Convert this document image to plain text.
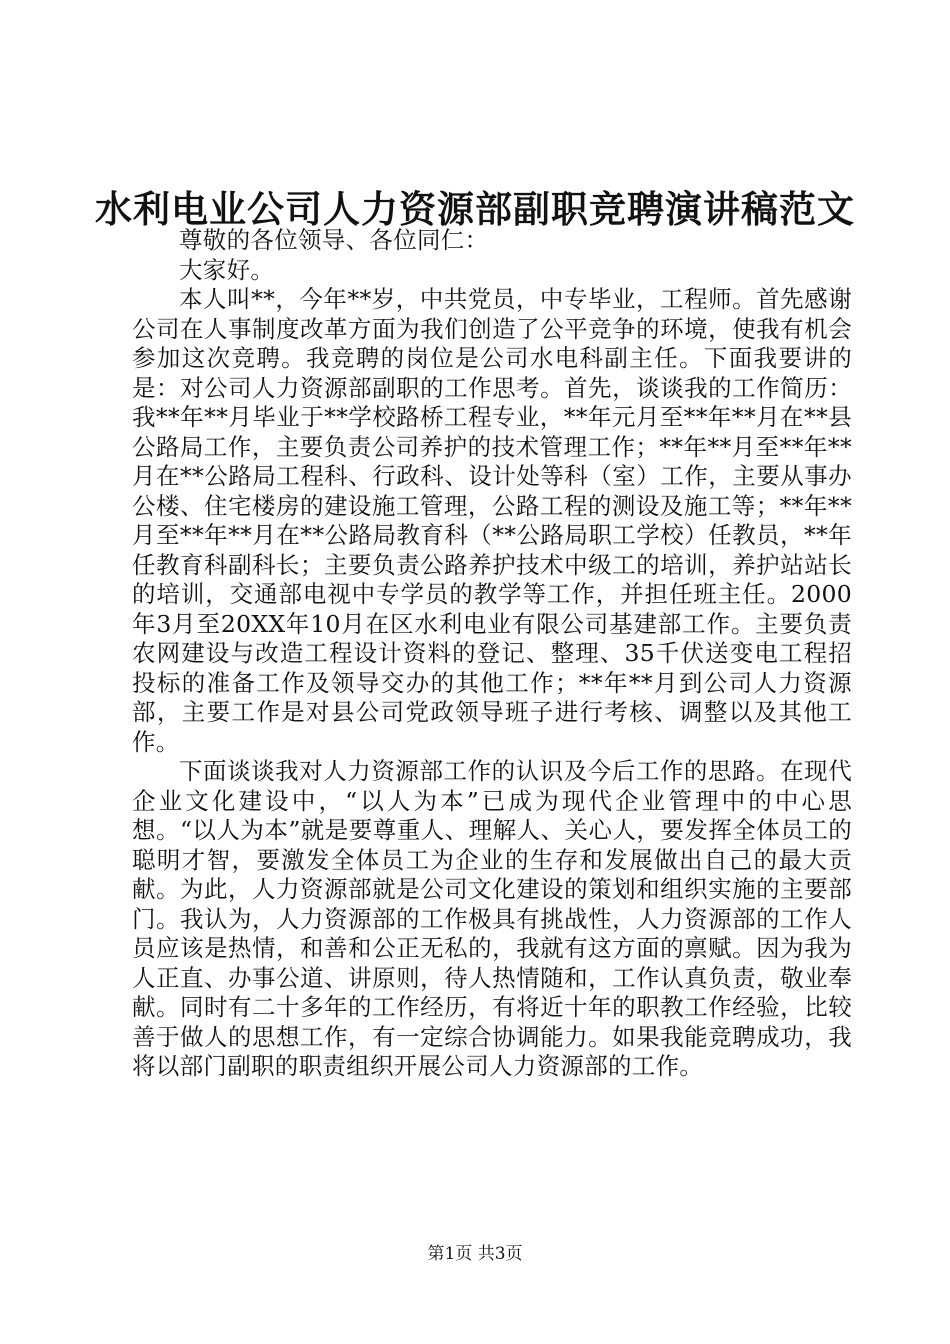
水利电业公司人力资源部副职竞聘演讲稿范文

尊敬的各位领导、各位同仁：

大家好。

本人叫**，今年**岁，中共党员，中专毕业，工程师。首先感谢公司在人事制度改革方面为我们创造了公平竞争的环境，使我有机会参加这次竞聘。我竞聘的岗位是公司水电科副主任。下面我要讲的是：对公司人力资源部副职的工作思考。首先，谈谈我的工作简历：我**年**月毕业于**学校路桥工程专业，**年元月至**年**月在**县公路局工作，主要负责公司养护的技术管理工作；**年**月至**年**月在**公路局工程科、行政科、设计处等科（室）工作，主要从事办公楼、住宅楼房的建设施工管理，公路工程的测设及施工等；**年**月至**年**月在**公路局教育科（**公路局职工学校）任教员，**年任教育科副科长；主要负责公路养护技术中级工的培训，养护站站长的培训，交通部电视中专学员的教学等工作，并担任班主任。2000年3月至20XX年10月在区水利电业有限公司基建部工作。主要负责农网建设与改造工程设计资料的登记、整理、35千伏送变电工程招投标的准备工作及领导交办的其他工作；**年**月到公司人力资源部，主要工作是对县公司党政领导班子进行考核、调整以及其他工作。

下面谈谈我对人力资源部工作的认识及今后工作的思路。在现代企业文化建设中，“以人为本”已成为现代企业管理中的中心思想。“以人为本”就是要尊重人、理解人、关心人，要发挥全体员工的聪明才智，要激发全体员工为企业的生存和发展做出自己的最大贡献。为此，人力资源部就是公司文化建设的策划和组织实施的主要部门。我认为，人力资源部的工作极具有挑战性，人力资源部的工作人员应该是热情，和善和公正无私的，我就有这方面的禀赋。因为我为人正直、办事公道、讲原则，待人热情随和，工作认真负责，敬业奉献。同时有二十多年的工作经历，有将近十年的职教工作经验，比较善于做人的思想工作，有一定综合协调能力。如果我能竞聘成功，我将以部门副职的职责组织开展公司人力资源部的工作。

第1页 共3页
